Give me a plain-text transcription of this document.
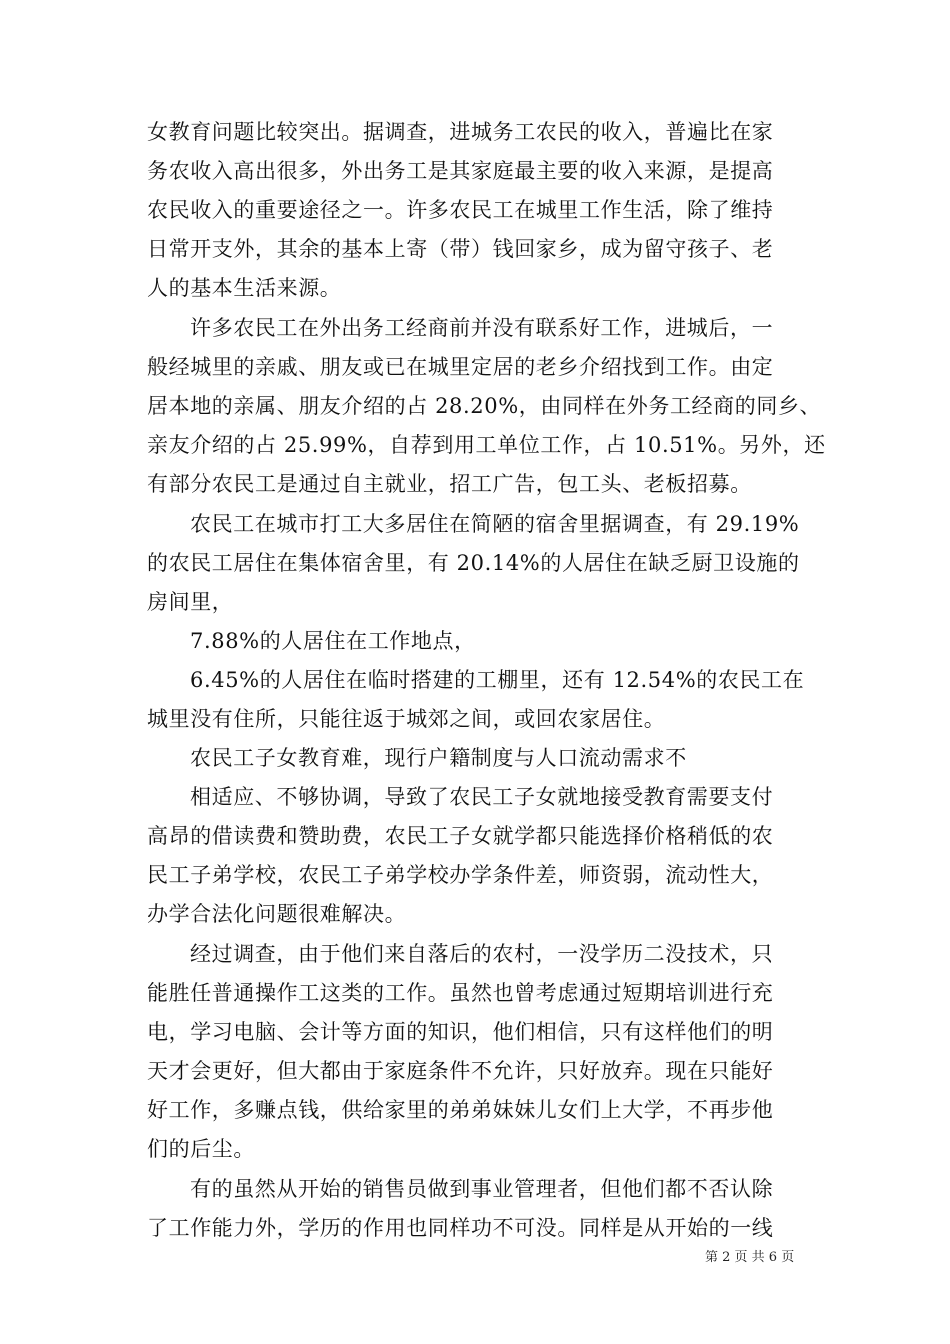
女教育问题比较突出。据调查，进城务工农民的收入，普遍比在家
务农收入高出很多，外出务工是其家庭最主要的收入来源，是提高
农民收入的重要途径之一。许多农民工在城里工作生活，除了维持
日常开支外，其余的基本上寄（带）钱回家乡，成为留守孩子、老
人的基本生活来源。
许多农民工在外出务工经商前并没有联系好工作，进城后，一
般经城里的亲戚、朋友或已在城里定居的老乡介绍找到工作。由定
居本地的亲属、朋友介绍的占 28.20%，由同样在外务工经商的同乡、
亲友介绍的占 25.99%，自荐到用工单位工作，占 10.51%。另外，还
有部分农民工是通过自主就业，招工广告，包工头、老板招募。
农民工在城市打工大多居住在简陋的宿舍里据调查，有 29.19%
的农民工居住在集体宿舍里，有 20.14%的人居住在缺乏厨卫设施的
房间里，
7.88%的人居住在工作地点，
6.45%的人居住在临时搭建的工棚里，还有 12.54%的农民工在
城里没有住所，只能往返于城郊之间，或回农家居住。
农民工子女教育难，现行户籍制度与人口流动需求不
相适应、不够协调，导致了农民工子女就地接受教育需要支付
高昂的借读费和赞助费，农民工子女就学都只能选择价格稍低的农
民工子弟学校，农民工子弟学校办学条件差，师资弱，流动性大，
办学合法化问题很难解决。
经过调查，由于他们来自落后的农村，一没学历二没技术，只
能胜任普通操作工这类的工作。虽然也曾考虑通过短期培训进行充
电，学习电脑、会计等方面的知识，他们相信，只有这样他们的明
天才会更好，但大都由于家庭条件不允许，只好放弃。现在只能好
好工作，多赚点钱，供给家里的弟弟妹妹儿女们上大学，不再步他
们的后尘。
有的虽然从开始的销售员做到事业管理者，但他们都不否认除
了工作能力外，学历的作用也同样功不可没。同样是从开始的一线
第 2 页 共 6 页
